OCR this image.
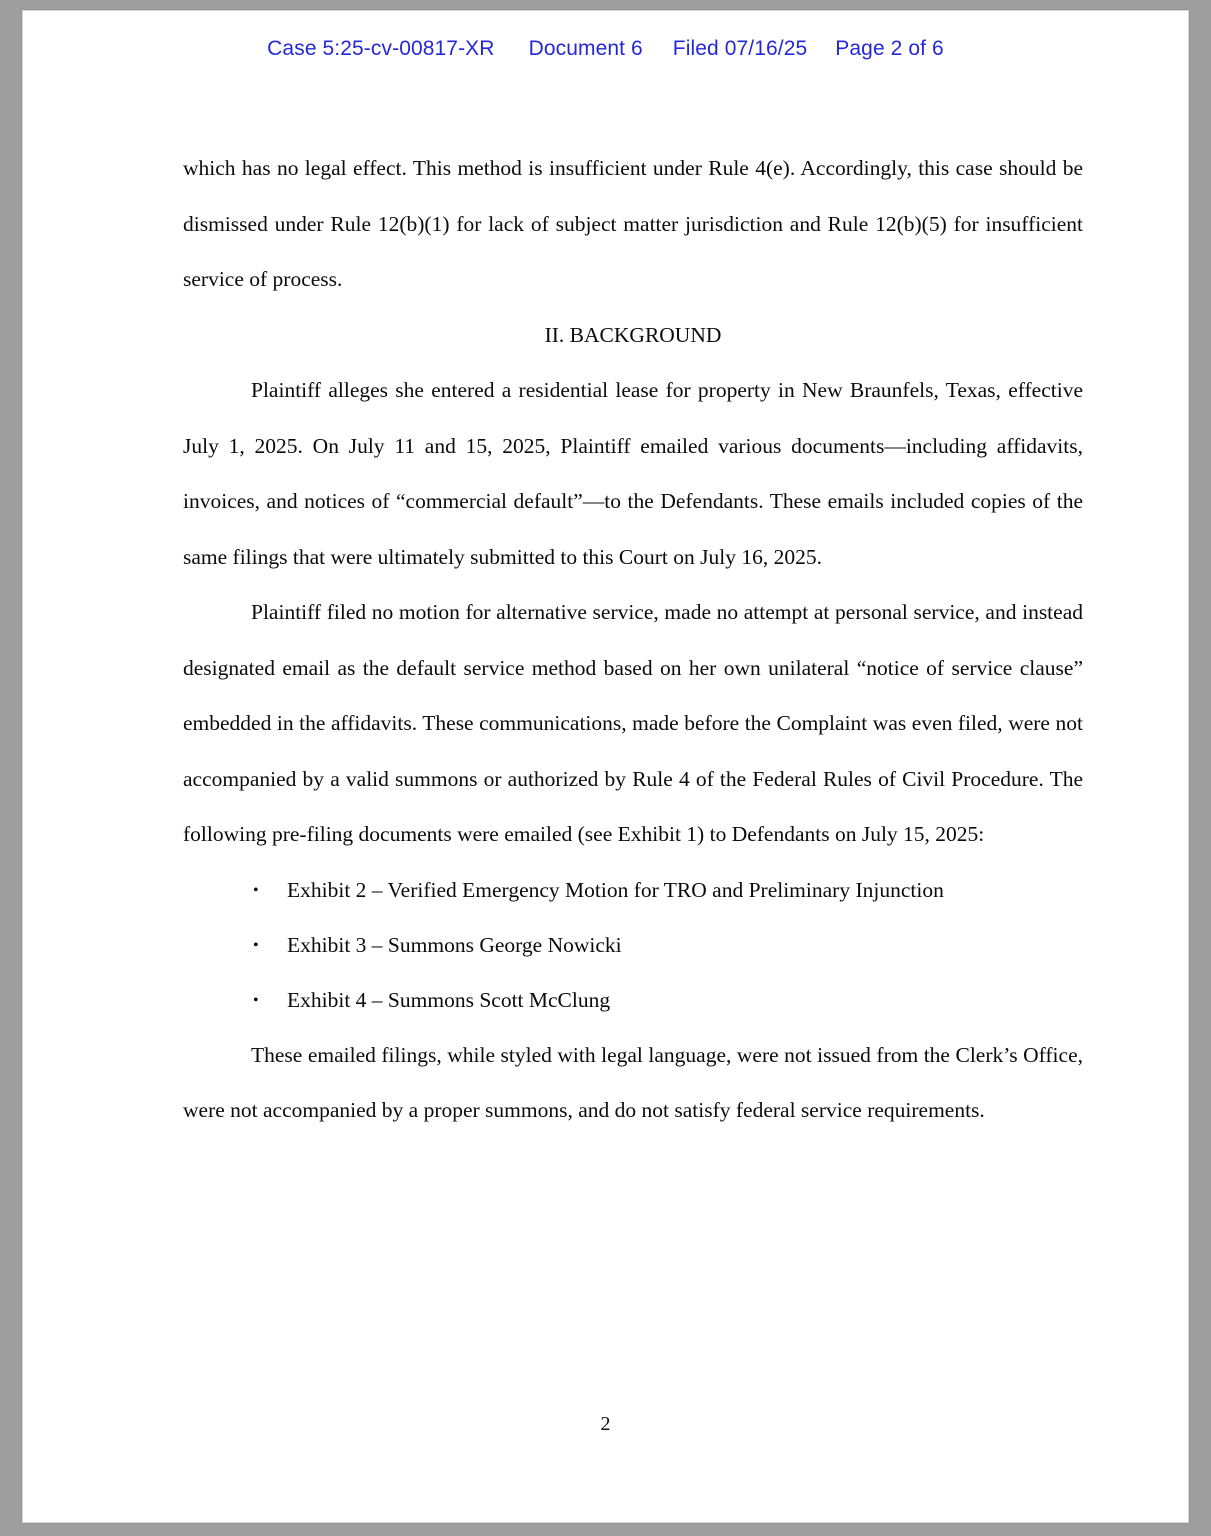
Case 5:25-cv-00817-XR Document 6 Filed 07/16/25 Page 2 of 6

which has no legal effect. This method is insufficient under Rule 4(e). Accordingly, this case should be dismissed under Rule 12(b)(1) for lack of subject matter jurisdiction and Rule 12(b)(5) for insufficient service of process.

II. BACKGROUND

Plaintiff alleges she entered a residential lease for property in New Braunfels, Texas, effective July 1, 2025. On July 11 and 15, 2025, Plaintiff emailed various documents—including affidavits, invoices, and notices of “commercial default”—to the Defendants. These emails included copies of the same filings that were ultimately submitted to this Court on July 16, 2025.

Plaintiff filed no motion for alternative service, made no attempt at personal service, and instead designated email as the default service method based on her own unilateral “notice of service clause” embedded in the affidavits. These communications, made before the Complaint was even filed, were not accompanied by a valid summons or authorized by Rule 4 of the Federal Rules of Civil Procedure. The following pre-filing documents were emailed (see Exhibit 1) to Defendants on July 15, 2025:

• Exhibit 2 – Verified Emergency Motion for TRO and Preliminary Injunction
• Exhibit 3 – Summons George Nowicki
• Exhibit 4 – Summons Scott McClung

These emailed filings, while styled with legal language, were not issued from the Clerk’s Office, were not accompanied by a proper summons, and do not satisfy federal service requirements.

2
